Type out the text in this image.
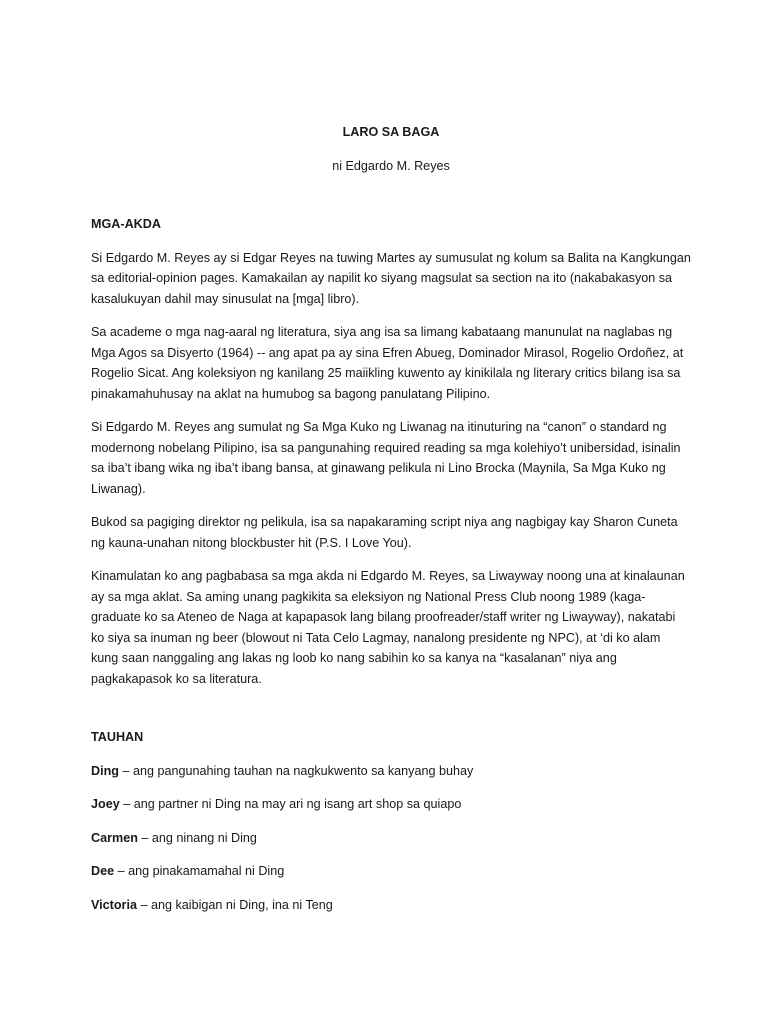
LARO SA BAGA
ni Edgardo M. Reyes
MGA-AKDA

Si Edgardo M. Reyes ay si Edgar Reyes na tuwing Martes ay sumusulat ng kolum sa Balita na Kangkungan sa editorial-opinion pages. Kamakailan ay napilit ko siyang magsulat sa section na ito (nakabakasyon sa kasalukuyan dahil may sinusulat na [mga] libro).

Sa academe o mga nag-aaral ng literatura, siya ang isa sa limang kabataang manunulat na naglabas ng Mga Agos sa Disyerto (1964) -- ang apat pa ay sina Efren Abueg, Dominador Mirasol, Rogelio Ordoñez, at Rogelio Sicat. Ang koleksiyon ng kanilang 25 maiikling kuwento ay kinikilala ng literary critics bilang isa sa pinakamahuhusay na aklat na humubog sa bagong panulatang Pilipino.

Si Edgardo M. Reyes ang sumulat ng Sa Mga Kuko ng Liwanag na itinuturing na “canon” o standard ng modernong nobelang Pilipino, isa sa pangunahing required reading sa mga kolehiyo’t unibersidad, isinalin sa iba’t ibang wika ng iba’t ibang bansa, at ginawang pelikula ni Lino Brocka (Maynila, Sa Mga Kuko ng Liwanag).

Bukod sa pagiging direktor ng pelikula, isa sa napakaraming script niya ang nagbigay kay Sharon Cuneta ng kauna-unahan nitong blockbuster hit (P.S. I Love You).

Kinamulatan ko ang pagbabasa sa mga akda ni Edgardo M. Reyes, sa Liwayway noong una at kinalaunan ay sa mga aklat. Sa aming unang pagkikita sa eleksiyon ng National Press Club noong 1989 (kaga-graduate ko sa Ateneo de Naga at kapapasok lang bilang proofreader/staff writer ng Liwayway), nakatabi ko siya sa inuman ng beer (blowout ni Tata Celo Lagmay, nanalong presidente ng NPC), at ‘di ko alam kung saan nanggaling ang lakas ng loob ko nang sabihin ko sa kanya na “kasalanan” niya ang pagkakapasok ko sa literatura.

TAUHAN
Ding – ang pangunahing tauhan na nagkukwento sa kanyang buhay
Joey – ang partner ni Ding na may ari ng isang art shop sa quiapo
Carmen – ang ninang ni Ding
Dee – ang pinakamamahal ni Ding
Victoria – ang kaibigan ni Ding, ina ni Teng
